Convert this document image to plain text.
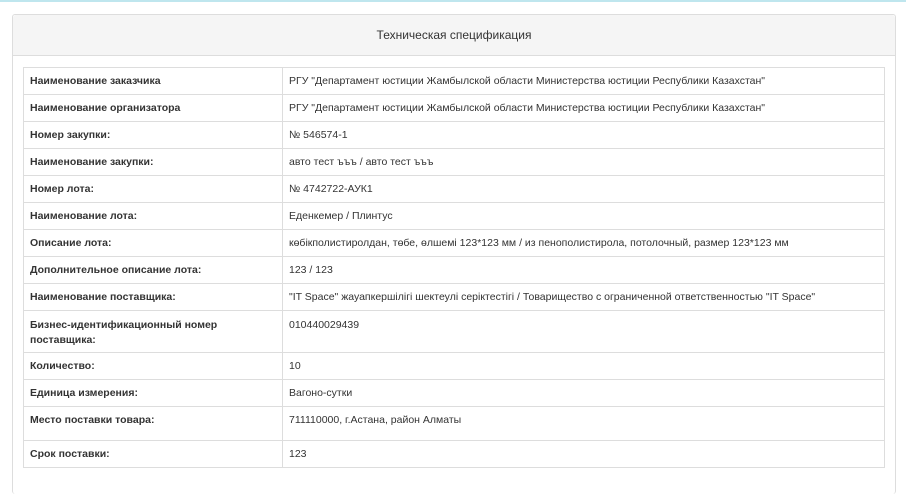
Техническая спецификация
Наименование заказчика	РГУ "Департамент юстиции Жамбылской области Министерства юстиции Республики Казахстан"
Наименование организатора	РГУ "Департамент юстиции Жамбылской области Министерства юстиции Республики Казахстан"
Номер закупки:	№ 546574-1
Наименование закупки:	авто тест ъъъ / авто тест ъъъ
Номер лота:	№ 4742722-АУК1
Наименование лота:	Еденкемер / Плинтус
Описание лота:	көбікполистиролдан, төбе, өлшемі 123*123 мм / из пенополистирола, потолочный, размер 123*123 мм
Дополнительное описание лота:	123 / 123
Наименование поставщика:	"IT Space" жауапкершілігі шектеулі серіктестігі / Товарищество с ограниченной ответственностью "IT Space"
Бизнес-идентификационный номер поставщика:	010440029439
Количество:	10
Единица измерения:	Вагоно-сутки
Место поставки товара:	711110000, г.Астана, район Алматы
Срок поставки:	123
